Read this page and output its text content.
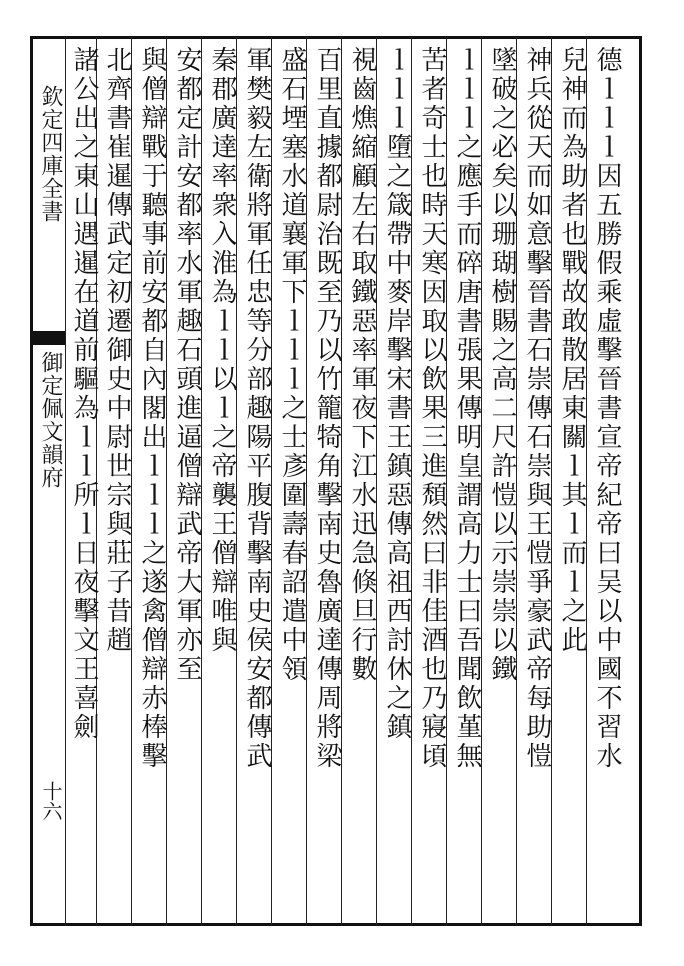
欽定四庫全書
御定佩文韻府
十六
德ｌｌｌ因五勝假乘虛擊晉書宣帝紀帝曰吴以中國不習水
兒神而為助者也戰故敢散居東關ｌ其ｌ而ｌ之此
神兵從天而如意擊晉書石崇傳石崇與王愷爭豪武帝每助愷
墜破之必矣以珊瑚樹賜之高二尺許愷以示崇崇以鐵
ｌｌｌ之應手而碎唐書張果傳明皇謂高力士曰吾聞飲堇無
苦者奇士也時天寒因取以飲果三進頹然曰非佳酒也乃寢頃
ｌｌｌ墮之箴帶中麥岸擊宋書王鎮惡傳高祖西討休之鎮
視齒燋縮顧左右取鐵惡率軍夜下江水迅急倏旦行數
百里直據都尉治既至乃以竹籠犄角擊南史魯廣達傳周將梁
盛石堙塞水道襄軍下ｌｌｌ之士彥圍壽春詔遣中領
軍樊毅左衛將軍任忠等分部趣陽平腹背擊南史侯安都傳武
秦郡廣達率衆入淮為ｌｌ以ｌ之帝襲王僧辯唯與
安都定計安都率水軍趣石頭進逼僧辯武帝大軍亦至
與僧辯戰于聽事前安都自內閣出ｌｌｌ之遂禽僧辯赤棒擊
北齊書崔暹傳武定初遷御史中尉世宗與莊子昔趙
諸公出之東山遇暹在道前驅為ｌｌ所ｌ日夜擊文王喜劍
